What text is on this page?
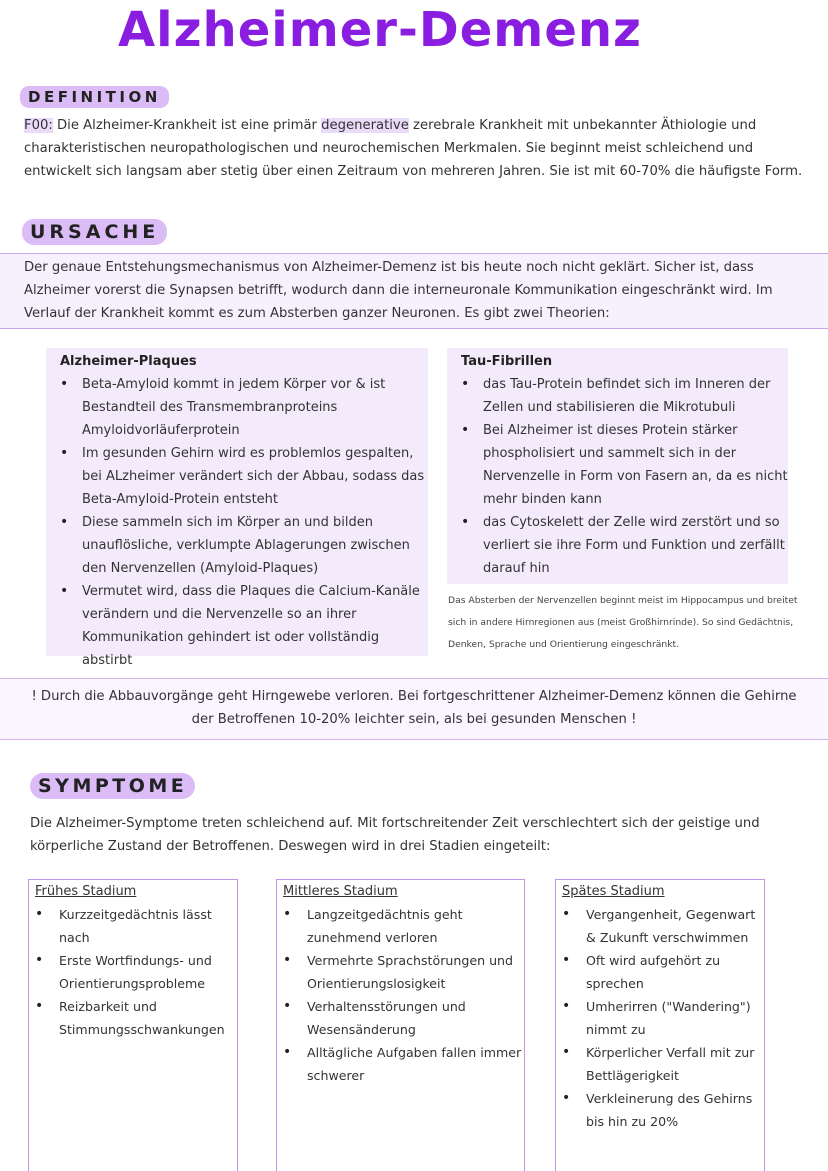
Alzheimer-Demenz
DEFINITION
F00: Die Alzheimer-Krankheit ist eine primär degenerative zerebrale Krankheit mit unbekannter Äthiologie und charakteristischen neuropathologischen und neurochemischen Merkmalen. Sie beginnt meist schleichend und entwickelt sich langsam aber stetig über einen Zeitraum von mehreren Jahren. Sie ist mit 60-70% die häufigste Form.
URSACHE
Der genaue Entstehungsmechanismus von Alzheimer-Demenz ist bis heute noch nicht geklärt. Sicher ist, dass Alzheimer vorerst die Synapsen betrifft, wodurch dann die interneuronale Kommunikation eingeschränkt wird. Im Verlauf der Krankheit kommt es zum Absterben ganzer Neuronen. Es gibt zwei Theorien:
Alzheimer-Plaques
• Beta-Amyloid kommt in jedem Körper vor & ist Bestandteil des Transmembranproteins Amyloidvorläuferprotein
• Im gesunden Gehirn wird es problemlos gespalten, bei ALzheimer verändert sich der Abbau, sodass das Beta-Amyloid-Protein entsteht
• Diese sammeln sich im Körper an und bilden unauflösliche, verklumpte Ablagerungen zwischen den Nervenzellen (Amyloid-Plaques)
• Vermutet wird, dass die Plaques die Calcium-Kanäle verändern und die Nervenzelle so an ihrer Kommunikation gehindert ist oder vollständig abstirbt
Tau-Fibrillen
• das Tau-Protein befindet sich im Inneren der Zellen und stabilisieren die Mikrotubuli
• Bei Alzheimer ist dieses Protein stärker phospholisiert und sammelt sich in der Nervenzelle in Form von Fasern an, da es nicht mehr binden kann
• das Cytoskelett der Zelle wird zerstört und so verliert sie ihre Form und Funktion und zerfällt darauf hin
Das Absterben der Nervenzellen beginnt meist im Hippocampus und breitet sich in andere Hirnregionen aus (meist Großhirnrinde). So sind Gedächtnis, Denken, Sprache und Orientierung eingeschränkt.
! Durch die Abbauvorgänge geht Hirngewebe verloren. Bei fortgeschrittener Alzheimer-Demenz können die Gehirne der Betroffenen 10-20% leichter sein, als bei gesunden Menschen !
SYMPTOME
Die Alzheimer-Symptome treten schleichend auf. Mit fortschreitender Zeit verschlechtert sich der geistige und körperliche Zustand der Betroffenen. Deswegen wird in drei Stadien eingeteilt:
Frühes Stadium
• Kurzzeitgedächtnis lässt nach
• Erste Wortfindungs- und Orientierungsprobleme
• Reizbarkeit und Stimmungsschwankungen
Mittleres Stadium
• Langzeitgedächtnis geht zunehmend verloren
• Vermehrte Sprachstörungen und Orientierungslosigkeit
• Verhaltensstörungen und Wesensänderung
• Alltägliche Aufgaben fallen immer schwerer
Spätes Stadium
• Vergangenheit, Gegenwart & Zukunft verschwimmen
• Oft wird aufgehört zu sprechen
• Umherirren ("Wandering") nimmt zu
• Körperlicher Verfall mit zur Bettlägerigkeit
• Verkleinerung des Gehirns bis hin zu 20%
